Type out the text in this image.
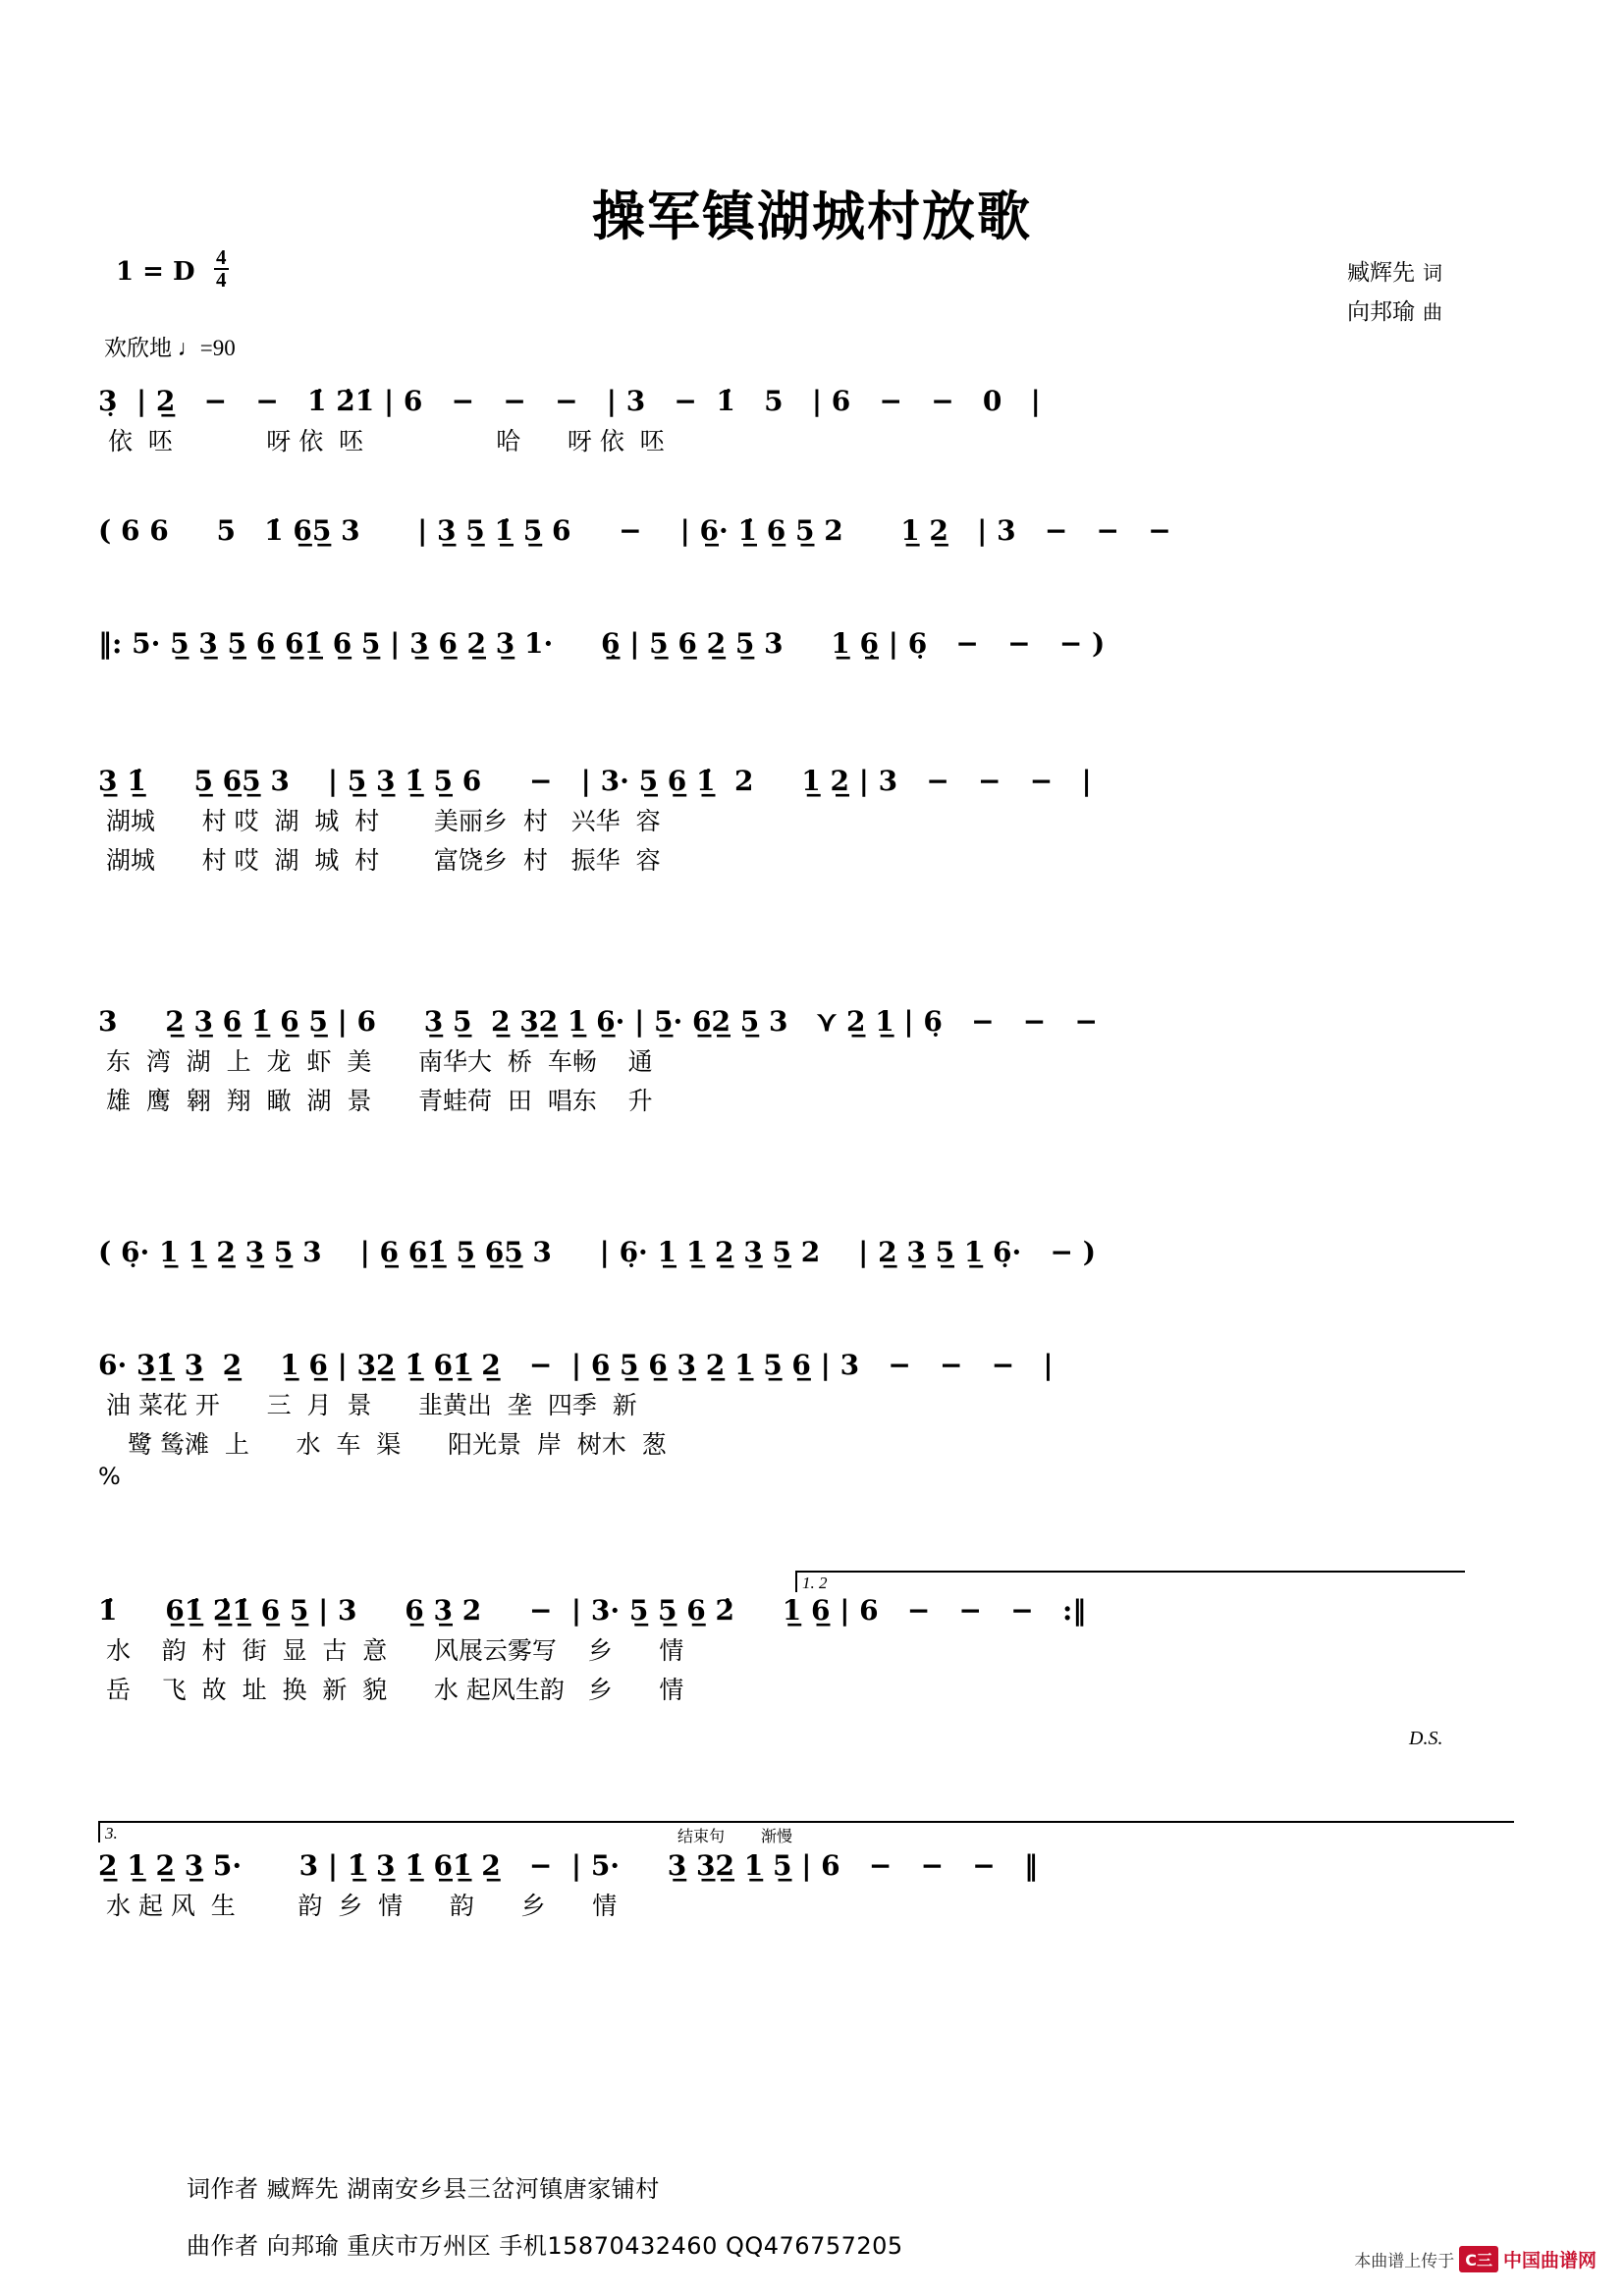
操军镇湖城村放歌
1 = D $\frac{4}{4}$
欢欣地 ♩=90
臧辉先 词
向邦瑜 曲
3̣  | 2̲   −   −   1̇ 2̇1̇ | 6   −   −   −   | 3   −  1̇   5   | 6   −   −   0   |
依  呸            呀 依  呸                 哈      呀 依  呸
( 6 6     5   1̇ 6̲5̲ 3      | 3̲ 5̲ 1̲̇ 5̲ 6     −    | 6̲· 1̲̇ 6̲ 5̲ 2      1̲ 2̲   | 3   −   −   −
‖: 5· 5̲ 3̲ 5̲ 6̲ 6̲1̲̇ 6̲ 5̲ | 3̲ 6̲ 2̲ 3̲ 1·     6̣̲ | 5̲ 6̲ 2̲ 5̲ 3     1̲ 6̣̲ | 6̣   −   −   − )
3̲ 1̲̇     5̲ 6̲5̲ 3    | 5̲ 3̲ 1̲̇ 5̲ 6     −   | 3· 5̲ 6̲ 1̲̇  2     1̲ 2̲ | 3   −   −   −   |
湖城      村 哎  湖  城  村       美丽乡  村   兴华  容
湖城      村 哎  湖  城  村       富饶乡  村   振华  容
3     2̲ 3̲ 6̲ 1̲̇ 6̲ 5̲ | 6     3̲ 5̲  2̲ 3̲2̲ 1̲ 6̲· | 5̲· 6̲2̲ 5̲ 3   ⋎ 2̲ 1̲ | 6̣   −   −   −
东  湾  湖  上  龙  虾  美      南华大  桥  车畅    通
雄  鹰  翱  翔  瞰  湖  景      青蛙荷  田  唱东    升
( 6̣· 1̲ 1̲ 2̲ 3̲ 5̲ 3    | 6̲ 6̲1̲̇ 5̲ 6̲5̲ 3     | 6̣· 1̲ 1̲ 2̲ 3̲ 5̲ 2    | 2̲ 3̲ 5̲ 1̲ 6̣·   − )
6· 3̲1̲̇ 3̲  2̲    1̲ 6̲ | 3̲2̲ 1̲̇ 6̲1̲̇ 2̲   −  | 6̲ 5̲ 6̲ 3̲ 2̲ 1̲ 5̲ 6̲ | 3   −   −   −   |
油 菜花 开      三  月  景      韭黄出  垄  四季  新
鹭 鸶滩  上      水  车  渠      阳光景  岸  树木  葱
%
1. 2
1̇     6̲1̲̇ 2̲̇1̲̇ 6̲ 5̲ | 3     6̲ 3̲ 2     −  | 3· 5̲ 5̲ 6̲ 2̇     1̲ 6̲ | 6   −   −   −   :‖
水    韵  村  街  显  古  意      风展云雾写    乡      情
岳    飞  故  址  换  新  貌      水 起风生韵   乡      情
D.S.
3.	结束句 渐慢
2̲ 1̲ 2̲ 3̲ 5·      3 | 1̲̇ 3̲ 1̲̇ 6̲1̲̇ 2̲   −  | 5·     3̲ 3̲2̲ 1̲ 5̲ | 6   −   −   −   ‖
水 起 风  生        韵  乡  情      韵      乡      情
词作者 臧辉先 湖南安乡县三岔河镇唐家铺村
曲作者 向邦瑜 重庆市万州区 手机15870432460 QQ476757205
本曲谱上传于 C三 中国曲谱网
